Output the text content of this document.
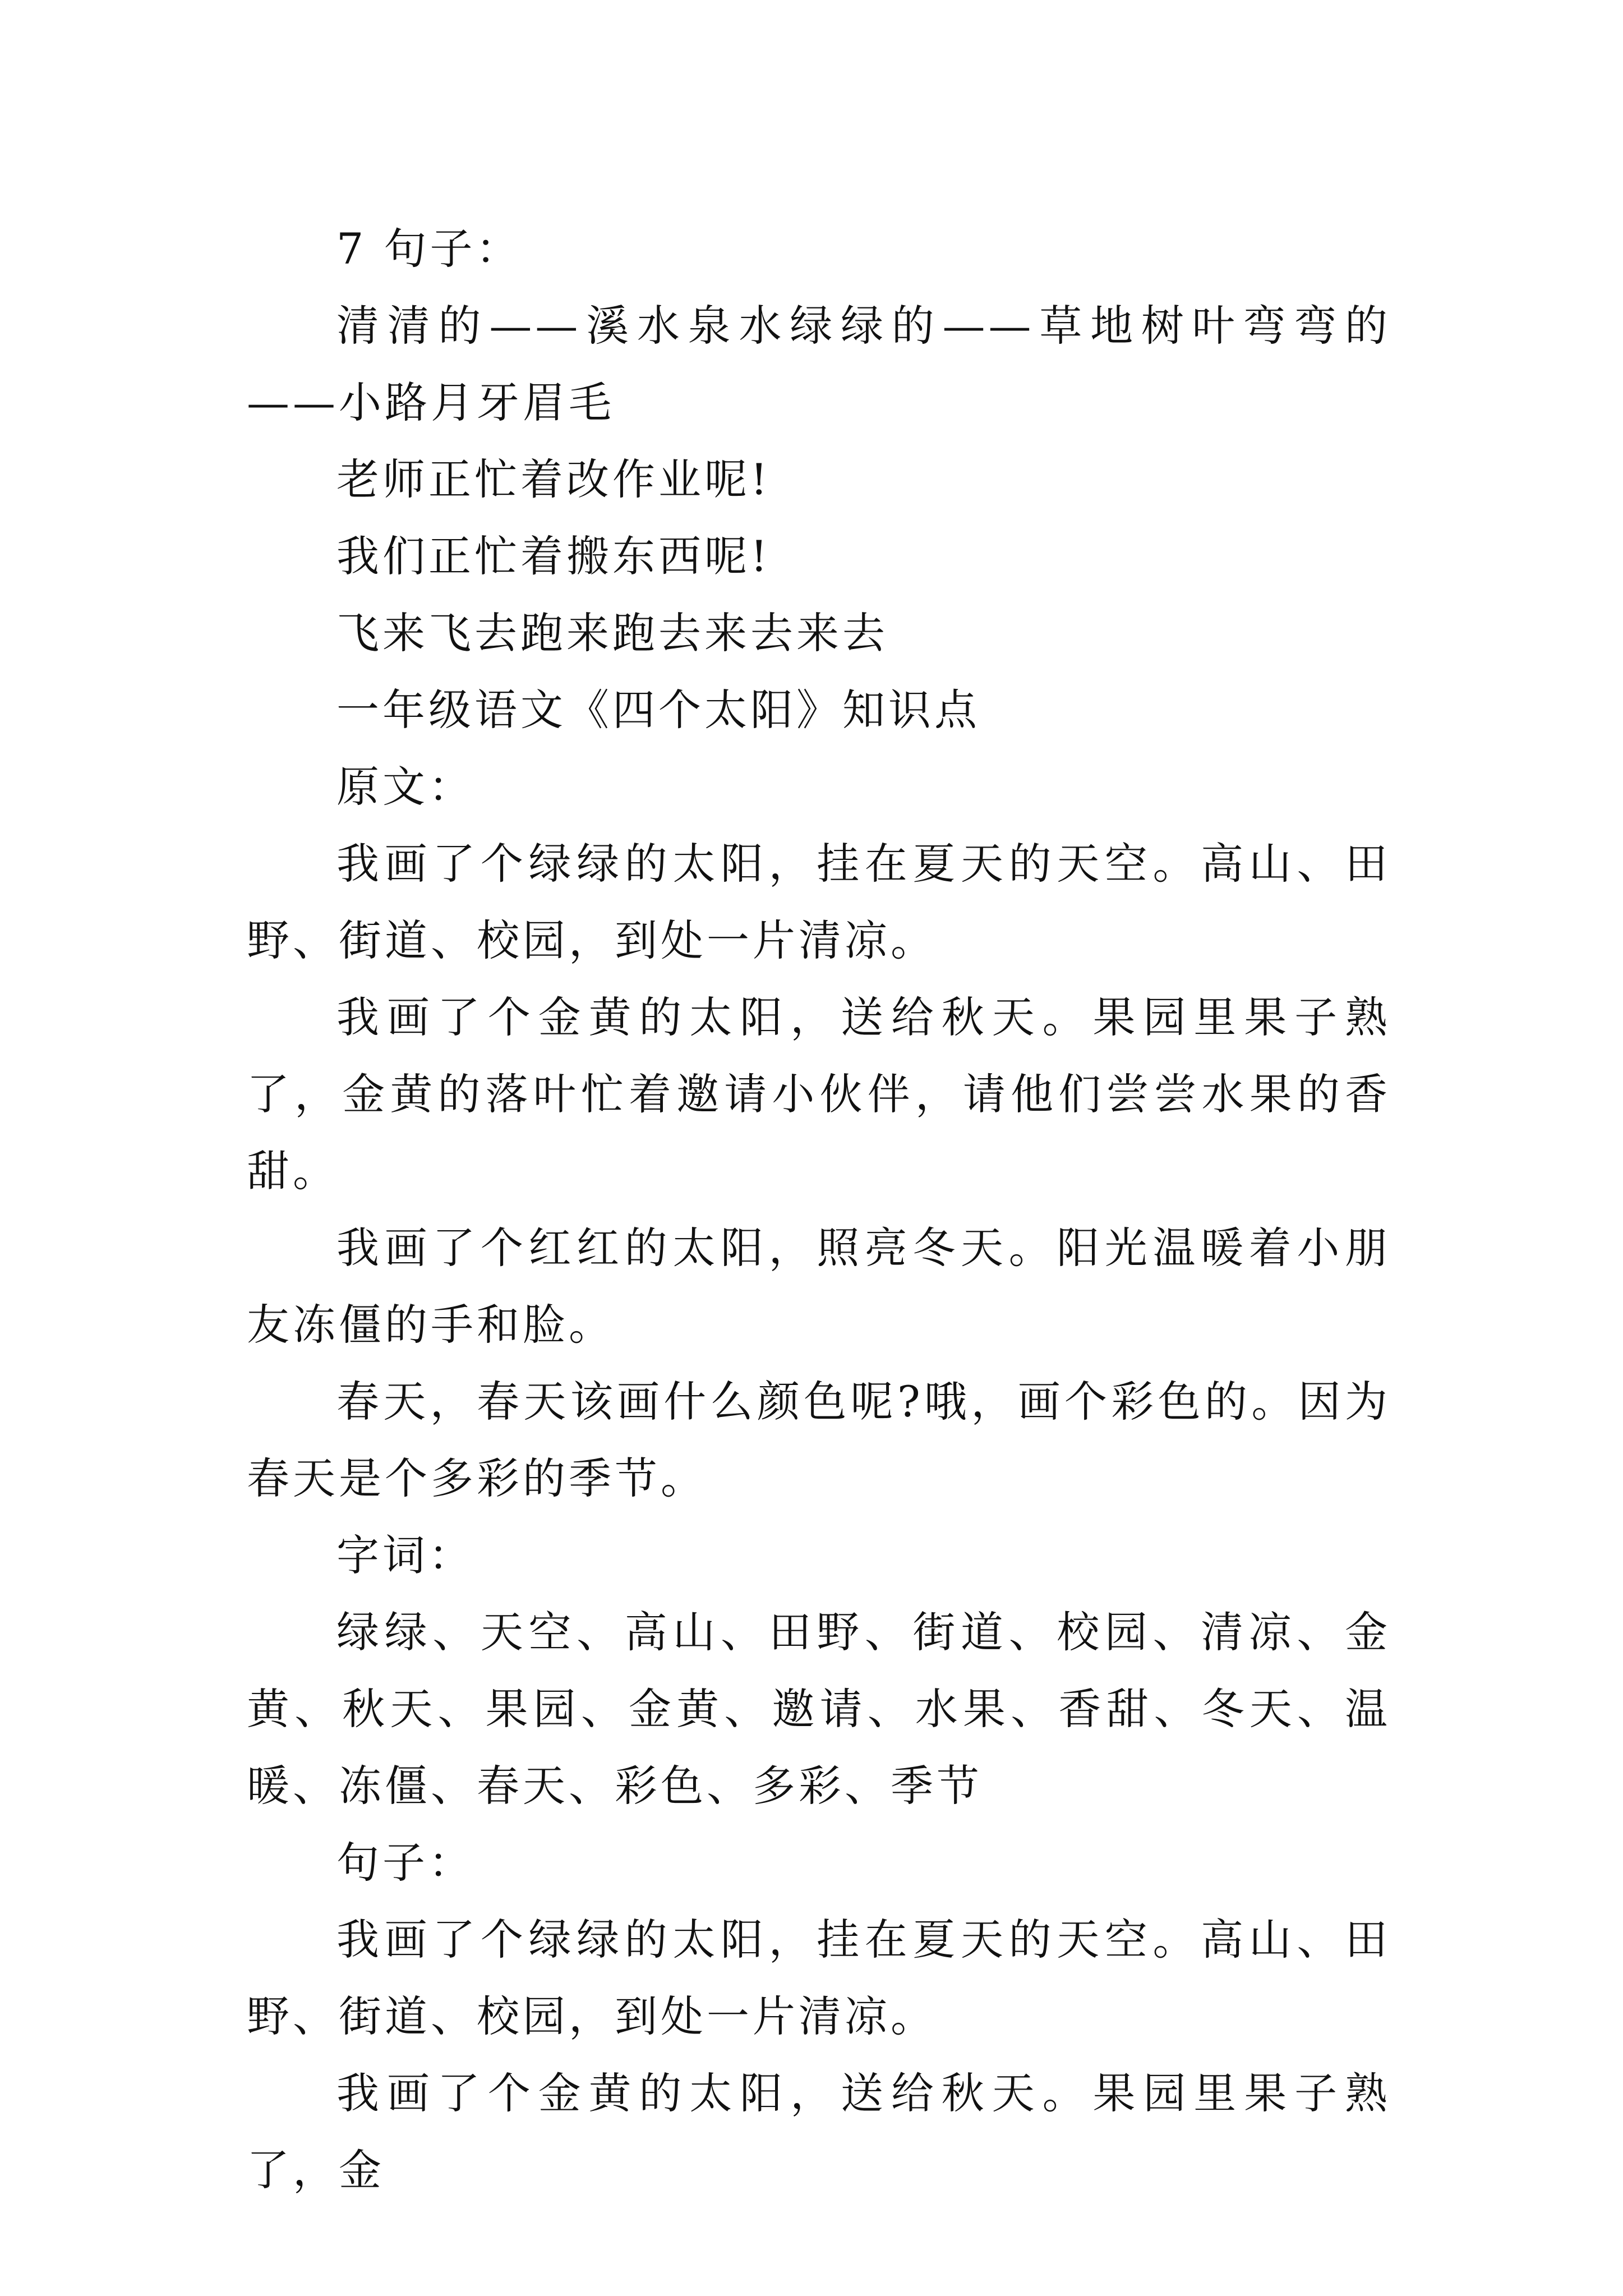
7 句子：

清清的——溪水泉水绿绿的——草地树叶弯弯的——小路月牙眉毛

老师正忙着改作业呢!

我们正忙着搬东西呢!

飞来飞去跑来跑去来去来去

一年级语文《四个太阳》知识点

原文：

我画了个绿绿的太阳，挂在夏天的天空。高山、田野、街道、校园，到处一片清凉。

我画了个金黄的太阳，送给秋天。果园里果子熟了，金黄的落叶忙着邀请小伙伴，请他们尝尝水果的香甜。

我画了个红红的太阳，照亮冬天。阳光温暖着小朋友冻僵的手和脸。

春天，春天该画什么颜色呢?哦，画个彩色的。因为春天是个多彩的季节。

字词：

绿绿、天空、高山、田野、街道、校园、清凉、金黄、秋天、果园、金黄、邀请、水果、香甜、冬天、温暖、冻僵、春天、彩色、多彩、季节

句子：

我画了个绿绿的太阳，挂在夏天的天空。高山、田野、街道、校园，到处一片清凉。

我画了个金黄的太阳，送给秋天。果园里果子熟了，金
